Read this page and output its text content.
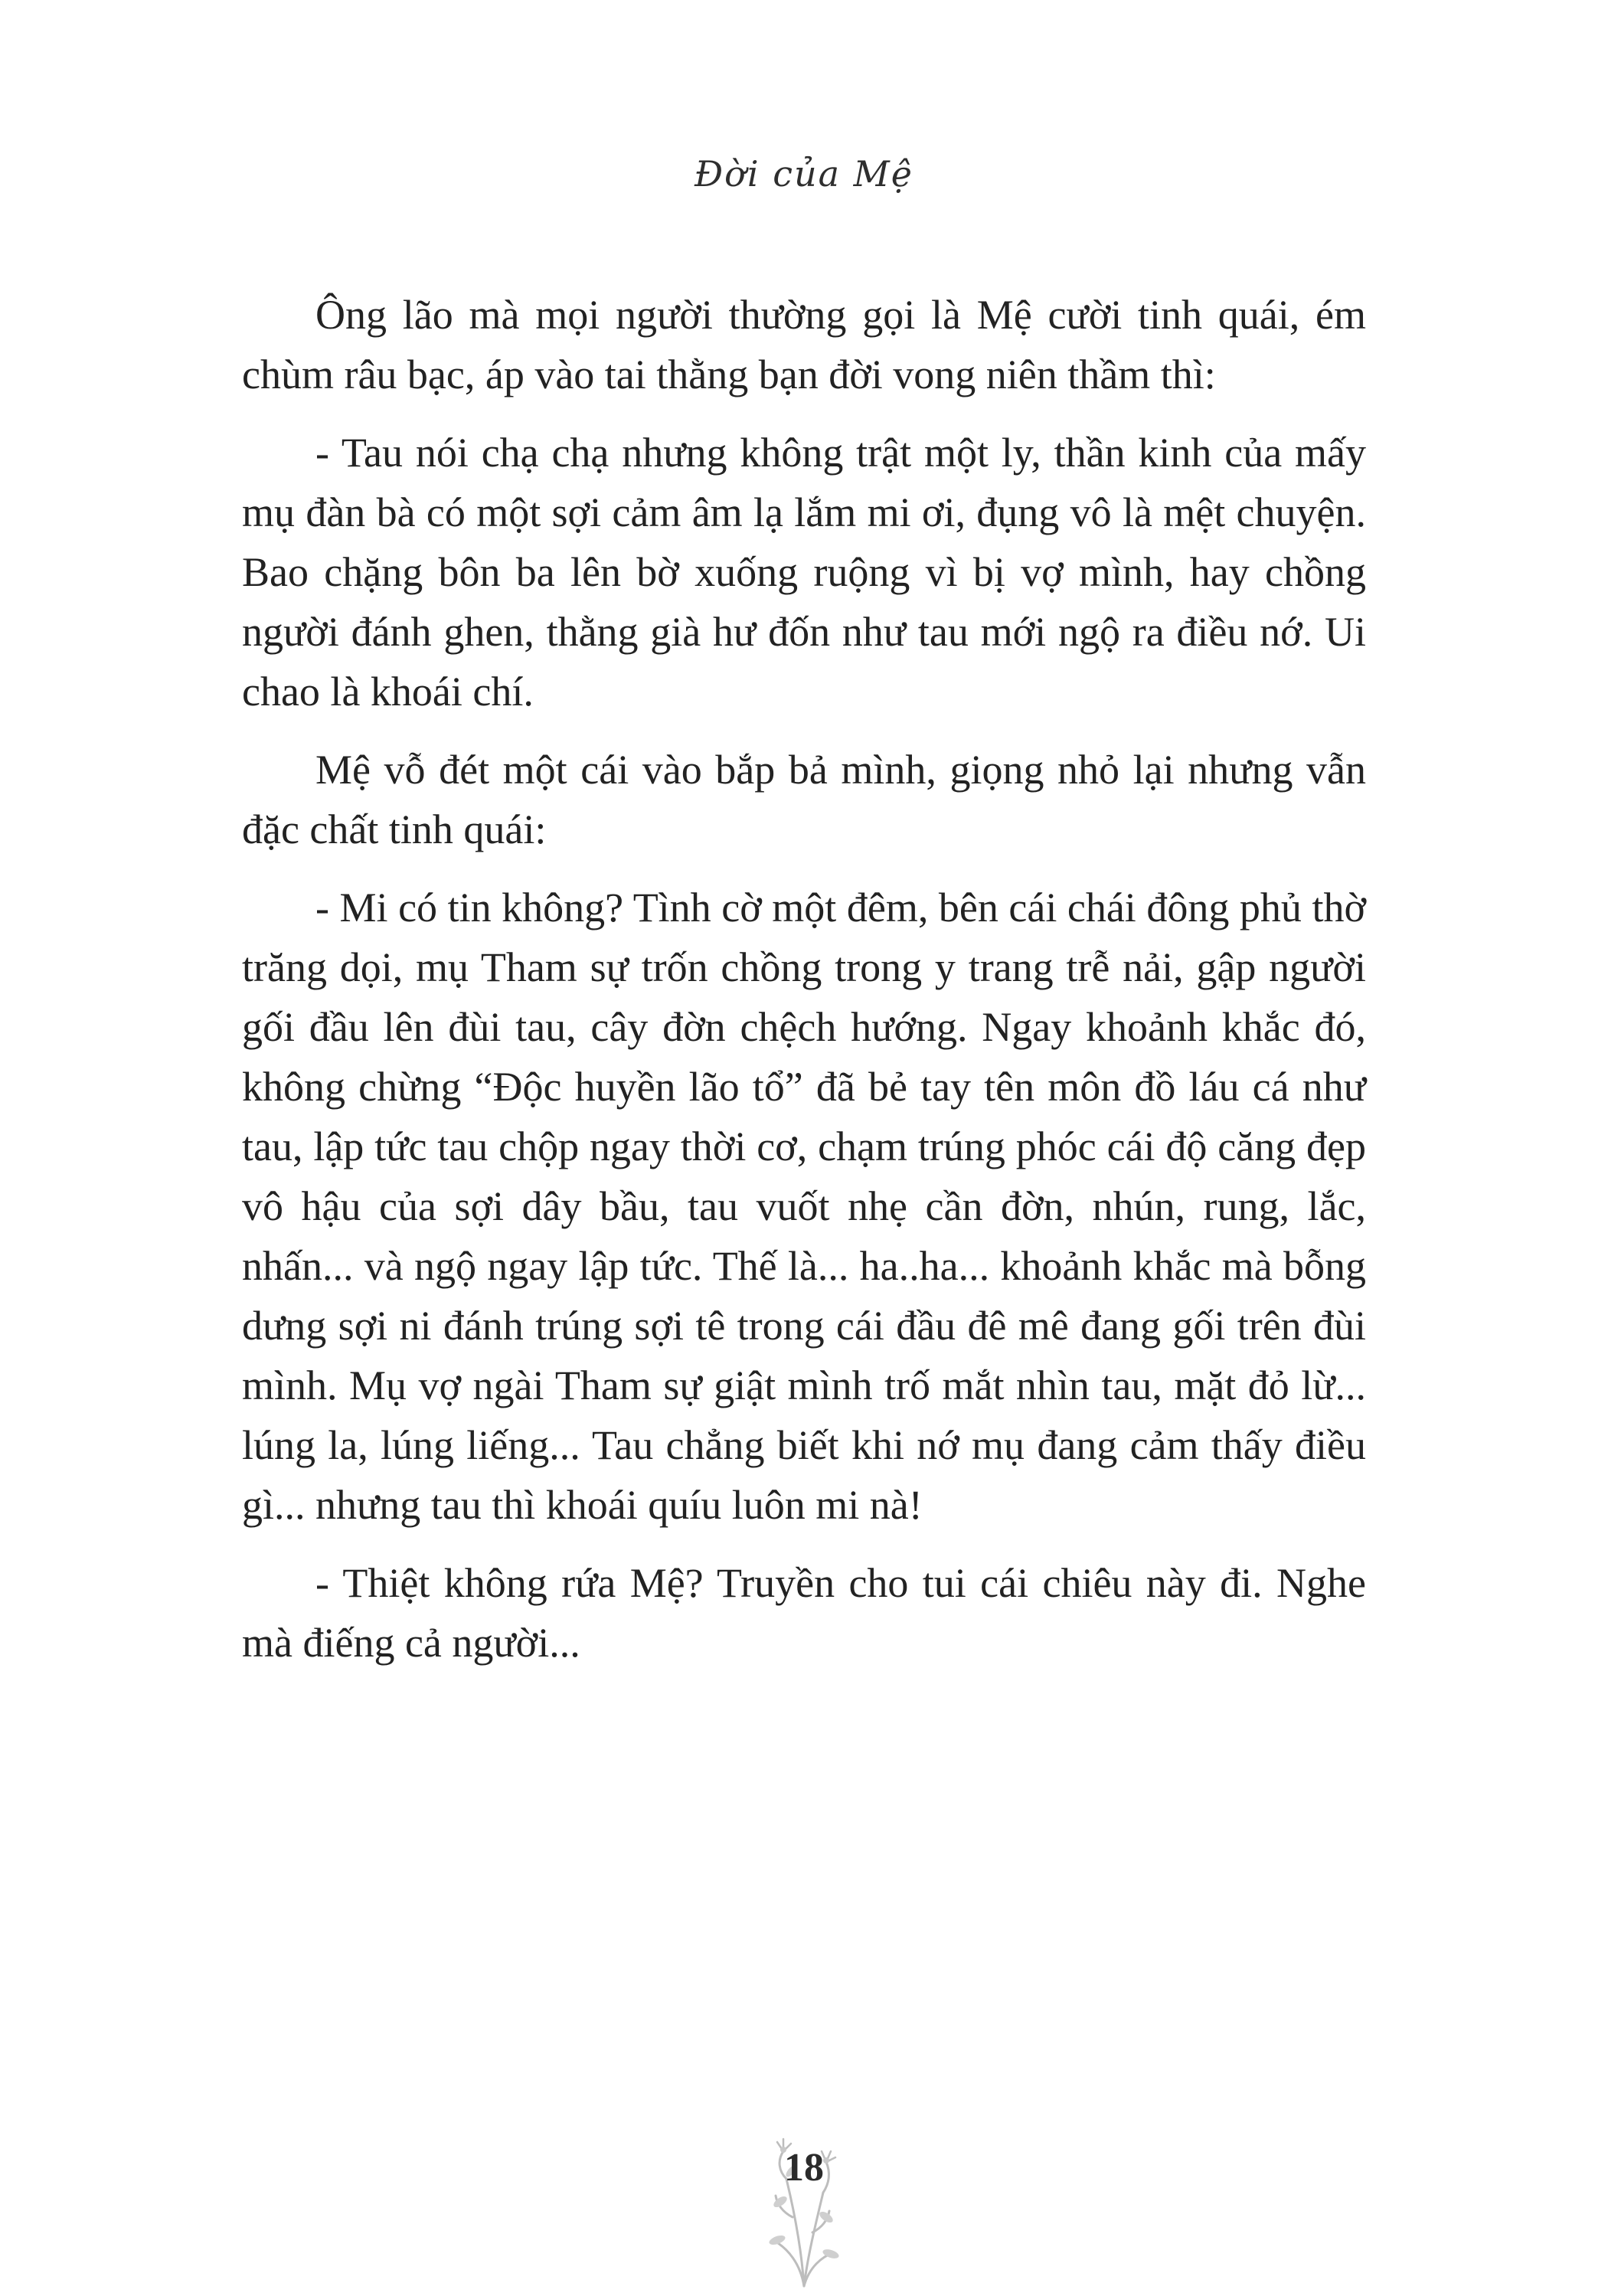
Đời của Mệ

Ông lão mà mọi người thường gọi là Mệ cười tinh quái, ém chùm râu bạc, áp vào tai thằng bạn đời vong niên thầm thì:

- Tau nói chạ chạ nhưng không trật một ly, thần kinh của mấy mụ đàn bà có một sợi cảm âm lạ lắm mi ơi, đụng vô là mệt chuyện. Bao chặng bôn ba lên bờ xuống ruộng vì bị vợ mình, hay chồng người đánh ghen, thằng già hư đốn như tau mới ngộ ra điều nớ. Ui chao là khoái chí.

Mệ vỗ đét một cái vào bắp bả mình, giọng nhỏ lại nhưng vẫn đặc chất tinh quái:

- Mi có tin không? Tình cờ một đêm, bên cái chái đông phủ thờ trăng dọi, mụ Tham sự trốn chồng trong y trang trễ nải, gập người gối đầu lên đùi tau, cây đờn chệch hướng. Ngay khoảnh khắc đó, không chừng “Độc huyền lão tổ” đã bẻ tay tên môn đồ láu cá như tau, lập tức tau chộp ngay thời cơ, chạm trúng phóc cái độ căng đẹp vô hậu của sợi dây bầu, tau vuốt nhẹ cần đờn, nhún, rung, lắc, nhấn... và ngộ ngay lập tức. Thế là... ha..ha... khoảnh khắc mà bỗng dưng sợi ni đánh trúng sợi tê trong cái đầu đê mê đang gối trên đùi mình. Mụ vợ ngài Tham sự giật mình trố mắt nhìn tau, mặt đỏ lừ... lúng la, lúng liếng... Tau chẳng biết khi nớ mụ đang cảm thấy điều gì... nhưng tau thì khoái quíu luôn mi nà!

- Thiệt không rứa Mệ? Truyền cho tui cái chiêu này đi. Nghe mà điếng cả người...

18
